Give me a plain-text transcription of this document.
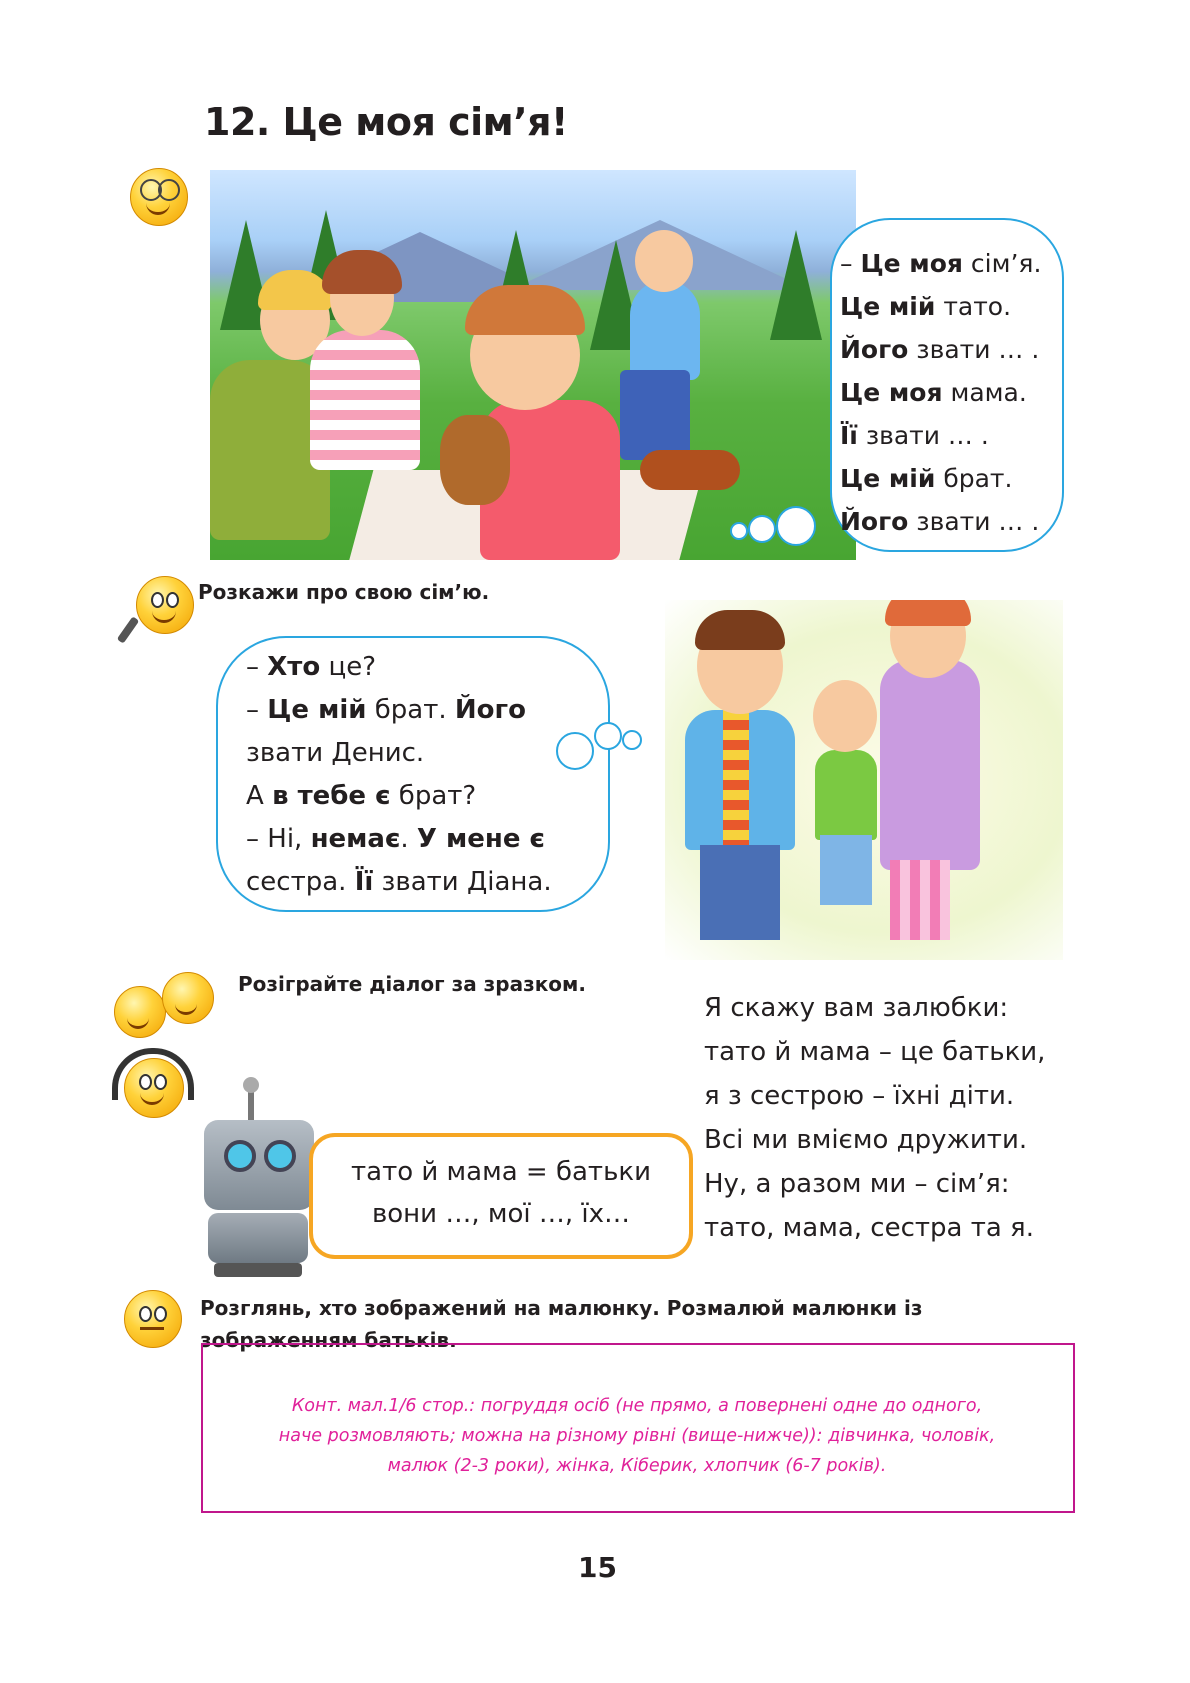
12. Це моя сім’я!
– Це моя сім’я.
Це мій тато.
Його звати … .
Це моя мама.
Її звати … .
Це мій брат.
Його звати … .
Розкажи про свою сім’ю.
– Хто це?
– Це мій брат. Його
звати Денис.
А в тебе є брат?
– Ні, немає. У мене є
сестра. Її звати Діана.
Розіграйте діалог за зразком.
Я скажу вам залюбки:
тато й мама – це батьки,
я з сестрою – їхні діти.
Всі ми вміємо дружити.
Ну, а разом ми – сім’я:
тато, мама, сестра та я.
тато й мама = батьки
вони …, мої …, їх…
Розглянь, хто зображений на малюнку. Розмалюй малюнки із
зображенням батьків.
Конт. мал.1/6 стор.: погруддя осіб (не прямо, а повернені одне до одного,
наче розмовляють; можна на різному рівні (вище-нижче)): дівчинка, чоловік,
малюк (2-3 роки), жінка, Кіберик, хлопчик (6-7 років).
15
